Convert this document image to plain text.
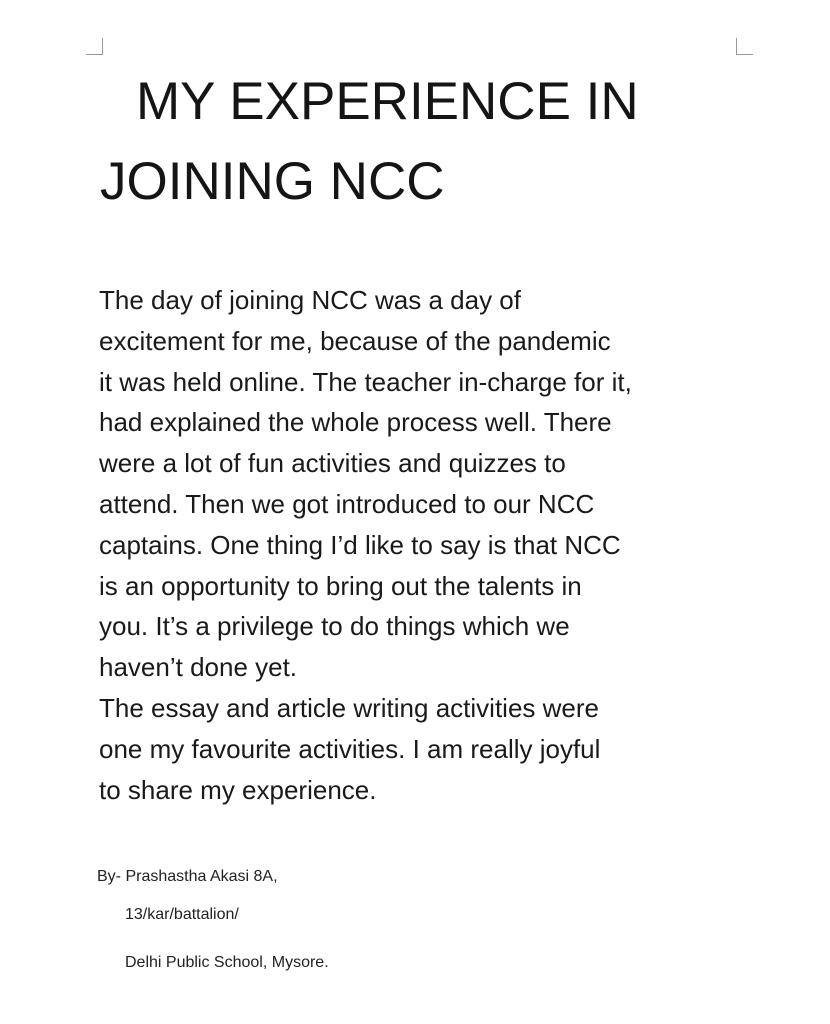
MY EXPERIENCE IN
JOINING NCC
The day of joining NCC was a day of
excitement for me, because of the pandemic
it was held online. The teacher in-charge for it,
had explained the whole process well. There
were a lot of fun activities and quizzes to
attend. Then we got introduced to our NCC
captains. One thing I’d like to say is that NCC
is an opportunity to bring out the talents in
you. It’s a privilege to do things which we
haven’t done yet.
The essay and article writing activities were
one my favourite activities. I am really joyful
to share my experience.
By- Prashastha Akasi 8A,
13/kar/battalion/
Delhi Public School, Mysore.
